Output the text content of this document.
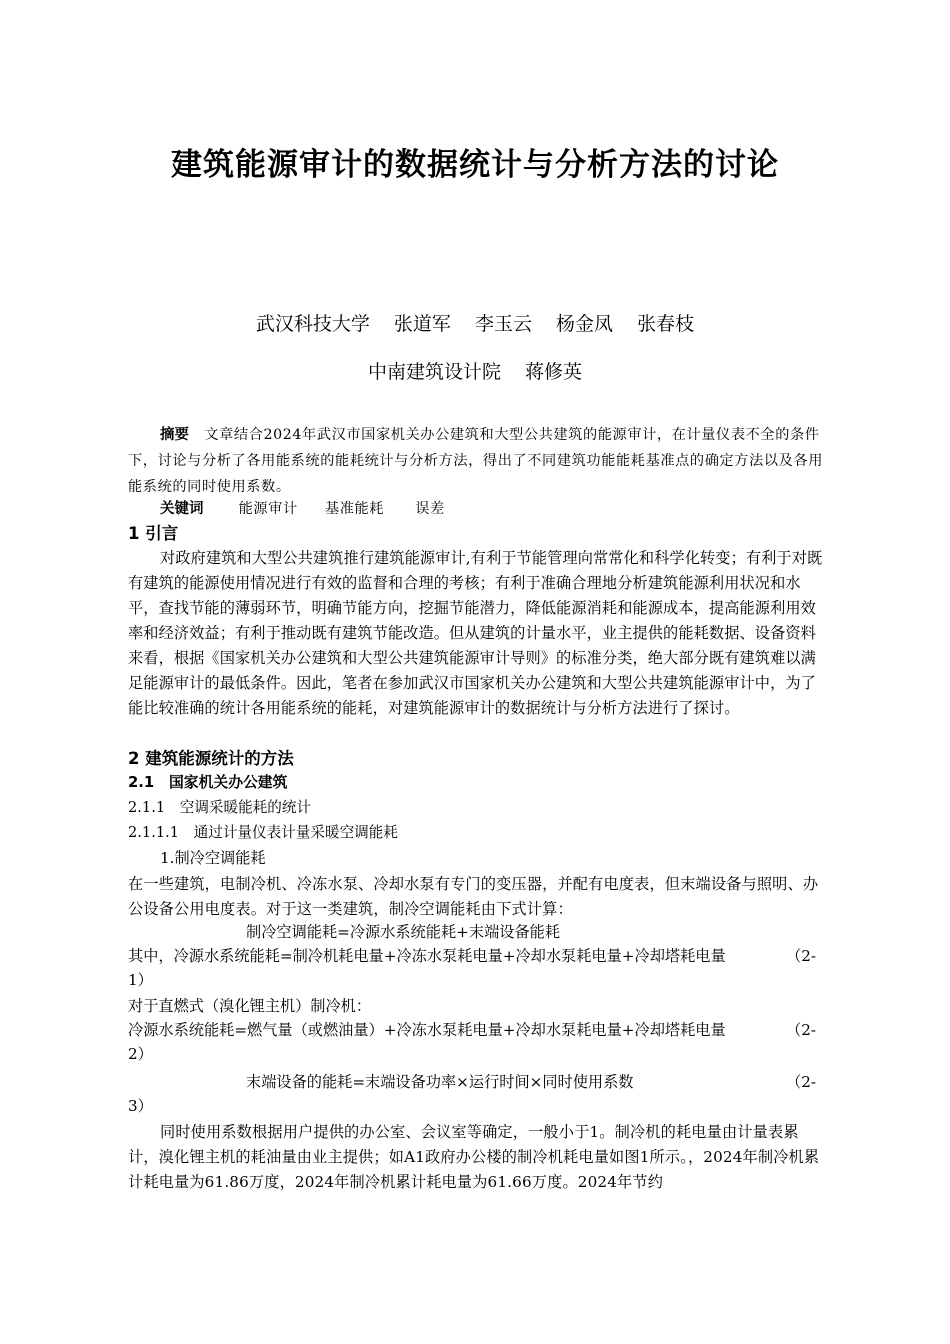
建筑能源审计的数据统计与分析方法的讨论
武汉科技大学 张道军 李玉云 杨金凤 张春枝
中南建筑设计院 蒋修英
摘要 文章结合2024年武汉市国家机关办公建筑和大型公共建筑的能源审计，在计量仪表不全的条件下，讨论与分析了各用能系统的能耗统计与分析方法，得出了不同建筑功能能耗基准点的确定方法以及各用能系统的同时使用系数。
关键词 能源审计 基准能耗 误差
1 引言
对政府建筑和大型公共建筑推行建筑能源审计,有利于节能管理向常常化和科学化转变；有利于对既有建筑的能源使用情况进行有效的监督和合理的考核；有利于准确合理地分析建筑能源利用状况和水平，查找节能的薄弱环节，明确节能方向，挖掘节能潜力，降低能源消耗和能源成本，提高能源利用效率和经济效益；有利于推动既有建筑节能改造。但从建筑的计量水平，业主提供的能耗数据、设备资料来看，根据《国家机关办公建筑和大型公共建筑能源审计导则》的标准分类，绝大部分既有建筑难以满足能源审计的最低条件。因此，笔者在参加武汉市国家机关办公建筑和大型公共建筑能源审计中，为了能比较准确的统计各用能系统的能耗，对建筑能源审计的数据统计与分析方法进行了探讨。
2 建筑能源统计的方法
2.1　国家机关办公建筑
2.1.1　空调采暖能耗的统计
2.1.1.1　通过计量仪表计量采暖空调能耗
1.制冷空调能耗
在一些建筑，电制冷机、冷冻水泵、冷却水泵有专门的变压器，并配有电度表，但末端设备与照明、办公设备公用电度表。对于这一类建筑，制冷空调能耗由下式计算：
制冷空调能耗=冷源水系统能耗+末端设备能耗
其中，冷源水系统能耗=制冷机耗电量+冷冻水泵耗电量+冷却水泵耗电量+冷却塔耗电量	（2-
1）
对于直燃式（溴化锂主机）制冷机：
冷源水系统能耗=燃气量（或燃油量）+冷冻水泵耗电量+冷却水泵耗电量+冷却塔耗电量	（2-
2）
末端设备的能耗=末端设备功率×运行时间×同时使用系数	（2-
3）
同时使用系数根据用户提供的办公室、会议室等确定，一般小于1。制冷机的耗电量由计量表累计，溴化锂主机的耗油量由业主提供；如A1政府办公楼的制冷机耗电量如图1所示。，2024年制冷机累计耗电量为61.86万度，2024年制冷机累计耗电量为61.66万度。2024年节约
